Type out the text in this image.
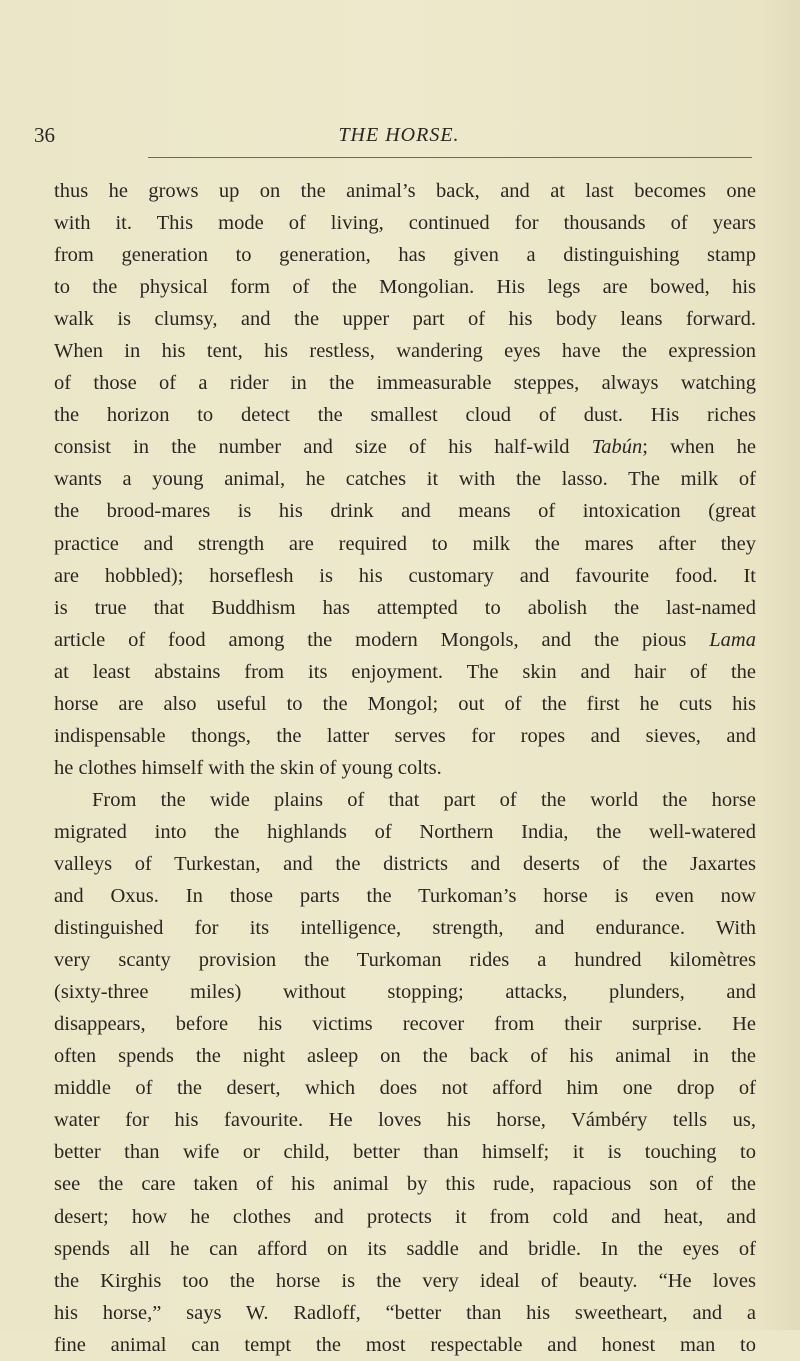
36	THE HORSE.
thus he grows up on the animal’s back, and at last becomes one
with it. This mode of living, continued for thousands of years
from generation to generation, has given a distinguishing stamp
to the physical form of the Mongolian. His legs are bowed, his
walk is clumsy, and the upper part of his body leans forward.
When in his tent, his restless, wandering eyes have the expression
of those of a rider in the immeasurable steppes, always watching
the horizon to detect the smallest cloud of dust. His riches
consist in the number and size of his half-wild Tabún; when he
wants a young animal, he catches it with the lasso. The milk of
the brood-mares is his drink and means of intoxication (great
practice and strength are required to milk the mares after they
are hobbled); horseflesh is his customary and favourite food. It
is true that Buddhism has attempted to abolish the last-named
article of food among the modern Mongols, and the pious Lama
at least abstains from its enjoyment. The skin and hair of the
horse are also useful to the Mongol; out of the first he cuts his
indispensable thongs, the latter serves for ropes and sieves, and
he clothes himself with the skin of young colts.
From the wide plains of that part of the world the horse
migrated into the highlands of Northern India, the well-watered
valleys of Turkestan, and the districts and deserts of the Jaxartes
and Oxus. In those parts the Turkoman’s horse is even now
distinguished for its intelligence, strength, and endurance. With
very scanty provision the Turkoman rides a hundred kilomètres
(sixty-three miles) without stopping; attacks, plunders, and
disappears, before his victims recover from their surprise. He
often spends the night asleep on the back of his animal in the
middle of the desert, which does not afford him one drop of
water for his favourite. He loves his horse, Vámbéry tells us,
better than wife or child, better than himself; it is touching to
see the care taken of his animal by this rude, rapacious son of the
desert; how he clothes and protects it from cold and heat, and
spends all he can afford on its saddle and bridle. In the eyes of
the Kirghis too the horse is the very ideal of beauty. “He loves
his horse,” says W. Radloff, “better than his sweetheart, and a
fine animal can tempt the most respectable and honest man to
